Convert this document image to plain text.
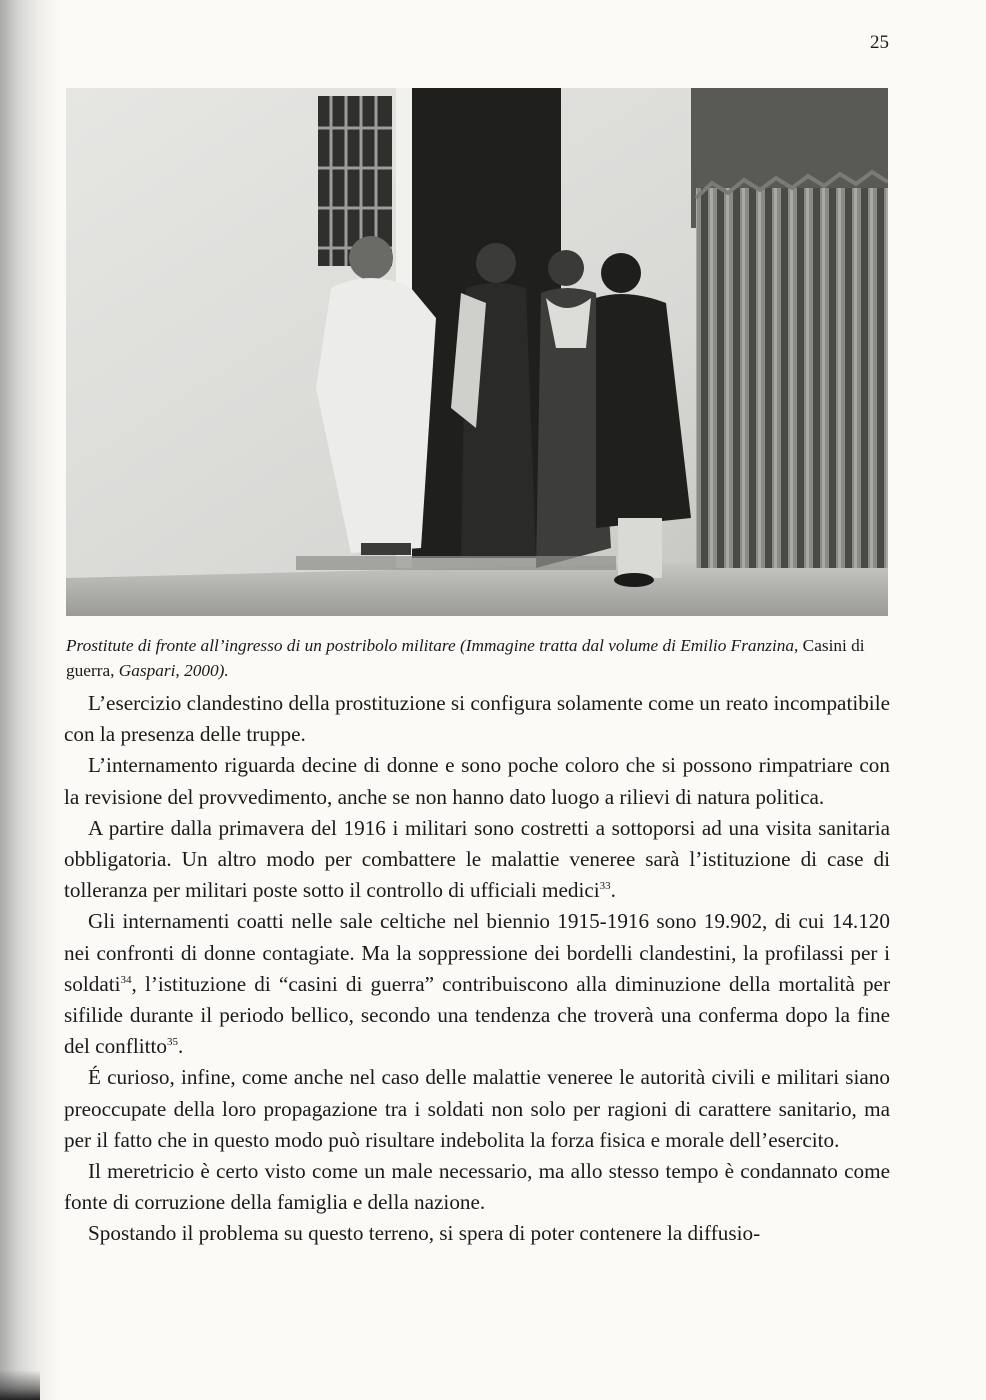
25
Prostitute di fronte all’ingresso di un postribolo militare (Immagine tratta dal volume di Emilio Franzina, Casini di guerra, Gaspari, 2000).

L’esercizio clandestino della prostituzione si configura solamente come un reato incompatibile con la presenza delle truppe.

L’internamento riguarda decine di donne e sono poche coloro che si possono rimpatriare con la revisione del provvedimento, anche se non hanno dato luogo a rilievi di natura politica.

A partire dalla primavera del 1916 i militari sono costretti a sottoporsi ad una visita sanitaria obbligatoria. Un altro modo per combattere le malattie veneree sarà l’istituzione di case di tolleranza per militari poste sotto il controllo di ufficiali medici$^{33}$.

Gli internamenti coatti nelle sale celtiche nel biennio 1915-1916 sono 19.902, di cui 14.120 nei confronti di donne contagiate. Ma la soppressione dei bordelli clandestini, la profilassi per i soldati$^{34}$, l’istituzione di “casini di guerra” contribuiscono alla diminuzione della mortalità per sifilide durante il periodo bellico, secondo una tendenza che troverà una conferma dopo la fine del conflitto$^{35}$.

É curioso, infine, come anche nel caso delle malattie veneree le autorità civili e militari siano preoccupate della loro propagazione tra i soldati non solo per ragioni di carattere sanitario, ma per il fatto che in questo modo può risultare indebolita la forza fisica e morale dell’esercito.

Il meretricio è certo visto come un male necessario, ma allo stesso tempo è condannato come fonte di corruzione della famiglia e della nazione.

Spostando il problema su questo terreno, si spera di poter contenere la diffusio-
